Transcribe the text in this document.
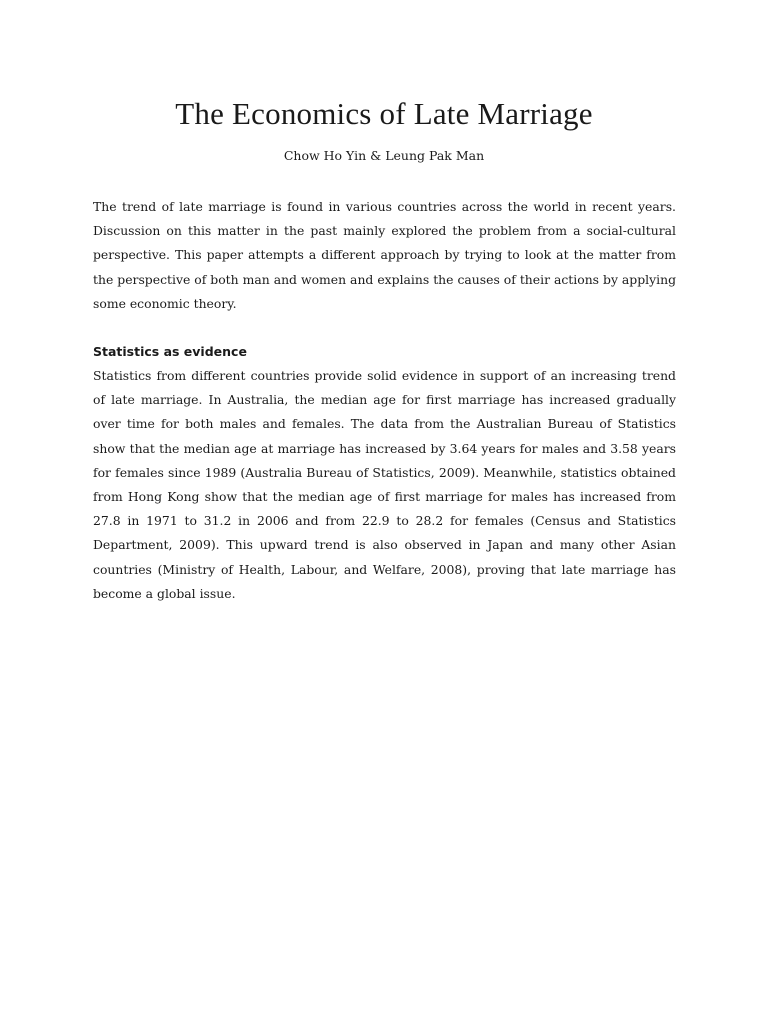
The Economics of Late Marriage

Chow Ho Yin & Leung Pak Man

The trend of late marriage is found in various countries across the world in recent years. Discussion on this matter in the past mainly explored the problem from a social-cultural perspective. This paper attempts a different approach by trying to look at the matter from the perspective of both man and women and explains the causes of their actions by applying some economic theory.

Statistics as evidence

Statistics from different countries provide solid evidence in support of an increasing trend of late marriage. In Australia, the median age for first marriage has increased gradually over time for both males and females. The data from the Australian Bureau of Statistics show that the median age at marriage has increased by 3.64 years for males and 3.58 years for females since 1989 (Australia Bureau of Statistics, 2009). Meanwhile, statistics obtained from Hong Kong show that the median age of first marriage for males has increased from 27.8 in 1971 to 31.2 in 2006 and from 22.9 to 28.2 for females (Census and Statistics Department, 2009). This upward trend is also observed in Japan and many other Asian countries (Ministry of Health, Labour, and Welfare, 2008), proving that late marriage has become a global issue.
